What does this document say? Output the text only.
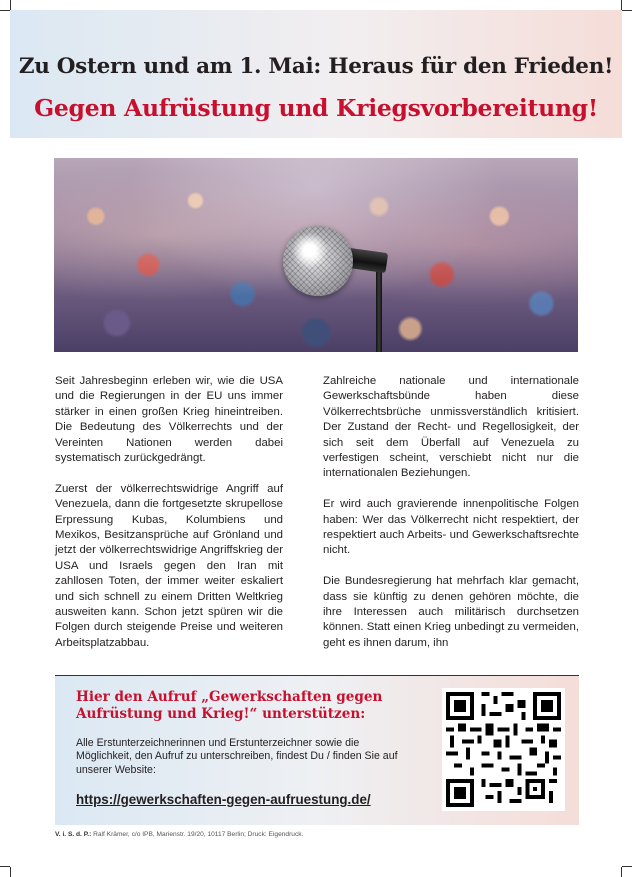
Zu Ostern und am 1. Mai: Heraus für den Frieden!
Gegen Aufrüstung und Kriegsvorbereitung!

Seit Jahresbeginn erleben wir, wie die USA und die Regierungen in der EU uns immer stärker in einen großen Krieg hineintreiben. Die Bedeutung des Völkerrechts und der Vereinten Nationen werden dabei systematisch zurückgedrängt.

Zuerst der völkerrechtswidrige Angriff auf Venezuela, dann die fortgesetzte skrupellose Erpressung Kubas, Kolumbiens und Mexikos, Besitzansprüche auf Grönland und jetzt der völkerrechtswidrige Angriffskrieg der USA und Israels gegen den Iran mit zahllosen Toten, der immer weiter eskaliert und sich schnell zu einem Dritten Weltkrieg ausweiten kann. Schon jetzt spüren wir die Folgen durch steigende Preise und weiteren Arbeitsplatzabbau.

Zahlreiche nationale und internationale Gewerkschaftsbünde haben diese Völkerrechtsbrüche unmissverständlich kritisiert. Der Zustand der Recht- und Regellosigkeit, der sich seit dem Überfall auf Venezuela zu verfestigen scheint, verschiebt nicht nur die internationalen Beziehungen.

Er wird auch gravierende innenpolitische Folgen haben: Wer das Völkerrecht nicht respektiert, der respektiert auch Arbeits- und Gewerkschaftsrechte nicht.

Die Bundesregierung hat mehrfach klar gemacht, dass sie künftig zu denen gehören möchte, die ihre Interessen auch militärisch durchsetzen können. Statt einen Krieg unbedingt zu vermeiden, geht es ihnen darum, ihn

Hier den Aufruf „Gewerkschaften gegen Aufrüstung und Krieg!“ unterstützen:
Alle Erstunterzeichnerinnen und Erstunterzeichner sowie die Möglichkeit, den Aufruf zu unterschreiben, findest Du / finden Sie auf unserer Website:
https://gewerkschaften-gegen-aufruestung.de/
V. i. S. d. P.: Ralf Krämer, c/o IPB, Marienstr. 19/20, 10117 Berlin; Druck: Eigendruck.
